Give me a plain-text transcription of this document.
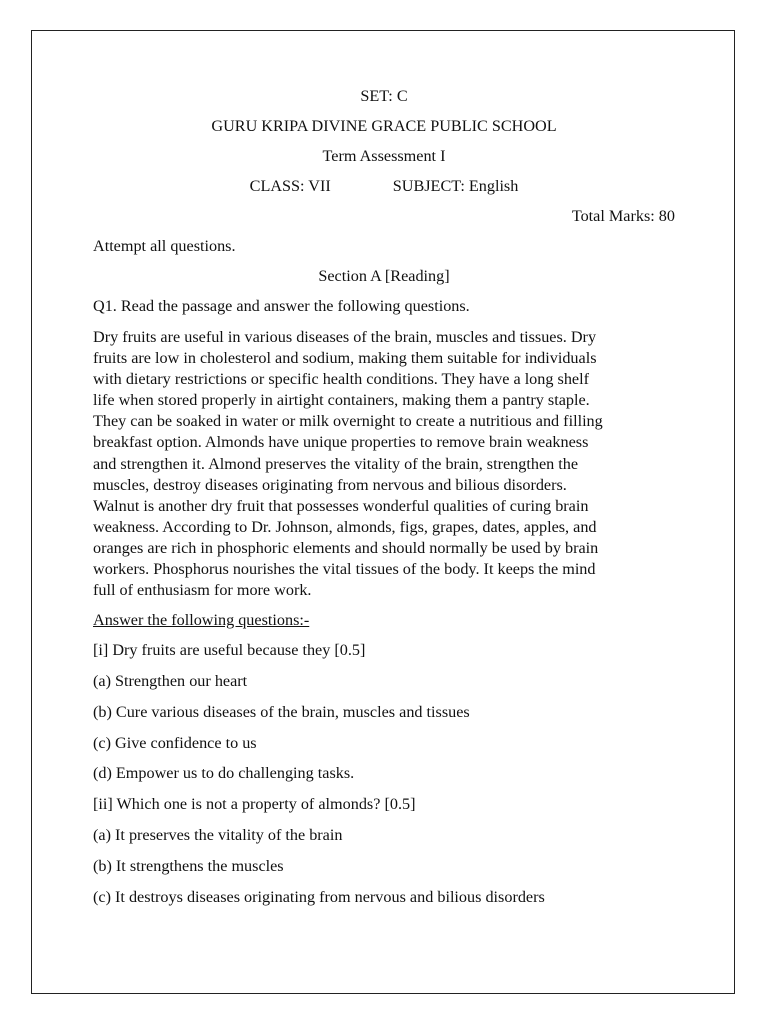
SET: C
GURU KRIPA DIVINE GRACE PUBLIC SCHOOL
Term Assessment I
CLASS: VII	SUBJECT: English
Total Marks: 80
Attempt all questions.
Section A [Reading]
Q1. Read the passage and answer the following questions.
Dry fruits are useful in various diseases of the brain, muscles and tissues. Dry
fruits are low in cholesterol and sodium, making them suitable for individuals
with dietary restrictions or specific health conditions. They have a long shelf
life when stored properly in airtight containers, making them a pantry staple.
They can be soaked in water or milk overnight to create a nutritious and filling
breakfast option. Almonds have unique properties to remove brain weakness
and strengthen it. Almond preserves the vitality of the brain, strengthen the
muscles, destroy diseases originating from nervous and bilious disorders.
Walnut is another dry fruit that possesses wonderful qualities of curing brain
weakness. According to Dr. Johnson, almonds, figs, grapes, dates, apples, and
oranges are rich in phosphoric elements and should normally be used by brain
workers. Phosphorus nourishes the vital tissues of the body. It keeps the mind
full of enthusiasm for more work.
Answer the following questions:-
[i] Dry fruits are useful because they [0.5]
(a) Strengthen our heart
(b) Cure various diseases of the brain, muscles and tissues
(c) Give confidence to us
(d) Empower us to do challenging tasks.
[ii] Which one is not a property of almonds? [0.5]
(a) It preserves the vitality of the brain
(b) It strengthens the muscles
(c) It destroys diseases originating from nervous and bilious disorders
